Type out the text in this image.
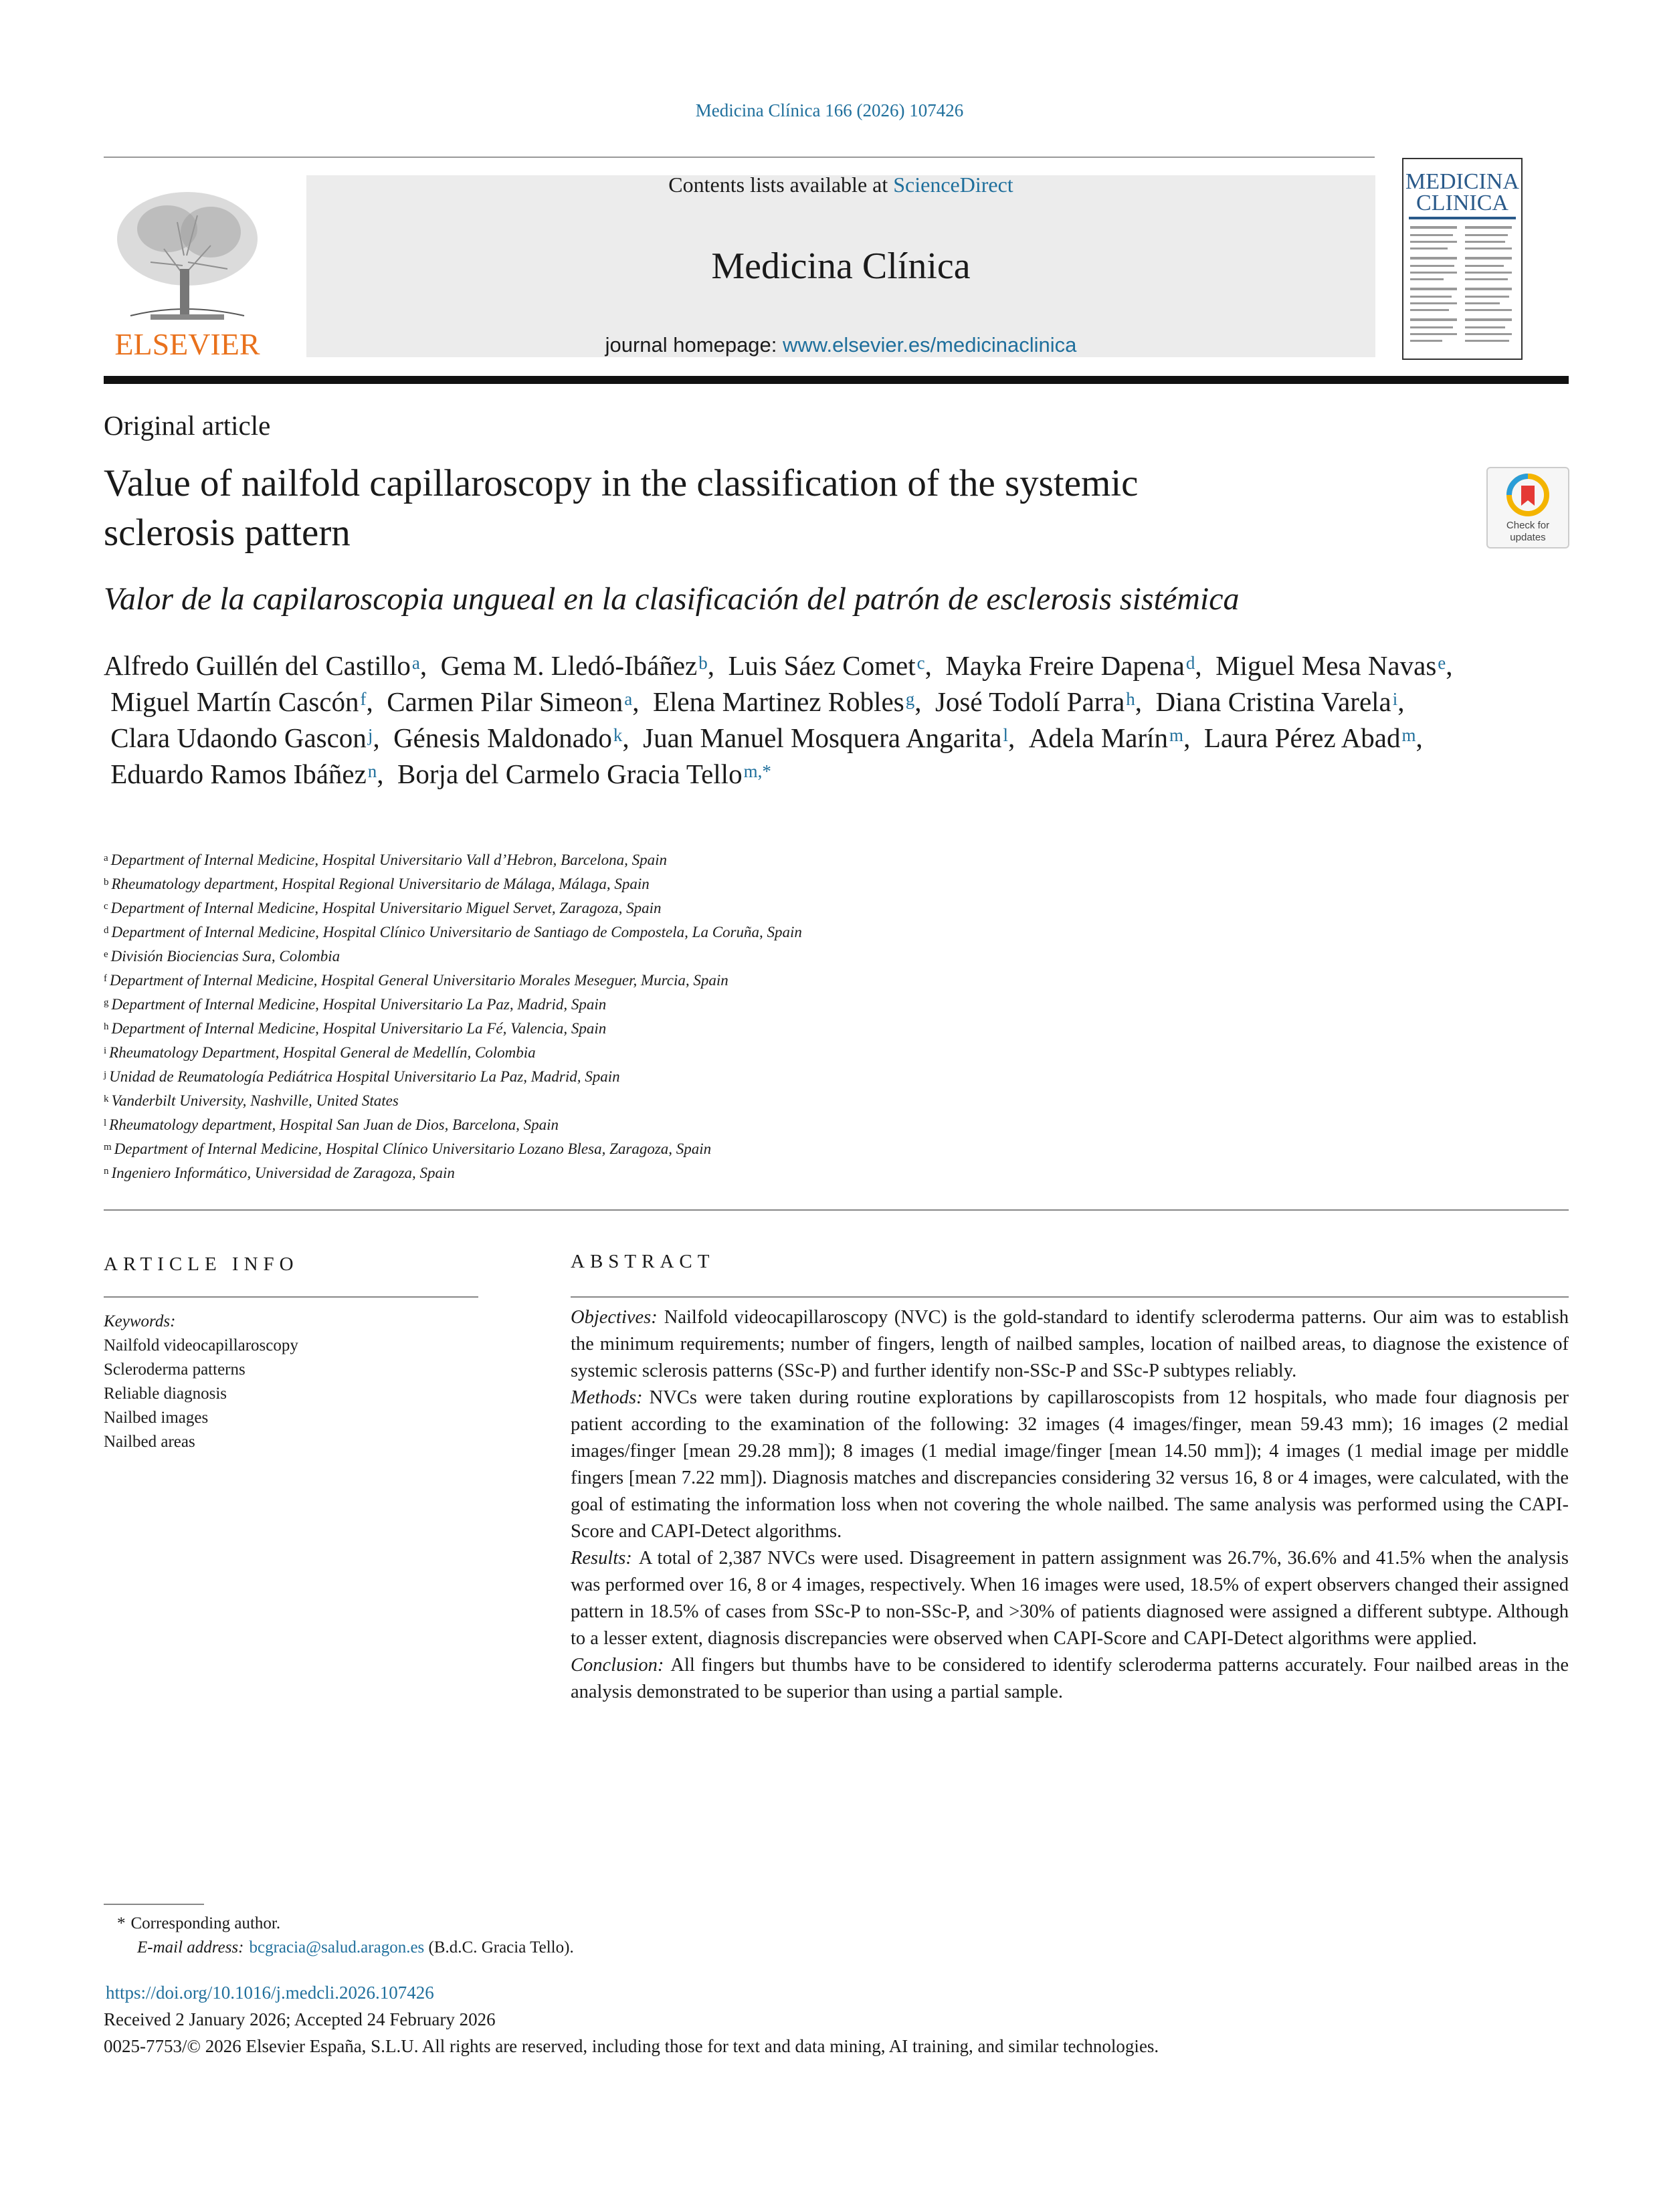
Medicina Clínica 166 (2026) 107426
ELSEVIER
Contents lists available at ScienceDirect
Medicina Clínica
journal homepage: www.elsevier.es/medicinaclinica
MEDICINA
CLINICA
Original article
Value of nailfold capillaroscopy in the classification of the systemic
sclerosis pattern	Check for
updates
Valor de la capilaroscopia ungueal en la clasificación del patrón de esclerosis sistémica
Alfredo Guillén del Castillo$^a$,  Gema M. Lledó-Ibáñez$^b$,  Luis Sáez Comet$^c$,  Mayka Freire Dapena$^d$,  Miguel Mesa Navas$^e$,  Miguel Martín Cascón$^f$,  Carmen Pilar Simeon$^a$,  Elena Martinez Robles$^g$,  José Todolí Parra$^h$,  Diana Cristina Varela$^i$,  Clara Udaondo Gascon$^j$,  Génesis Maldonado$^k$,  Juan Manuel Mosquera Angarita$^l$,  Adela Marín$^m$,  Laura Pérez Abad$^m$,  Eduardo Ramos Ibáñez$^n$,  Borja del Carmelo Gracia Tello$^{m,*}$
$^a$ Department of Internal Medicine, Hospital Universitario Vall d’Hebron, Barcelona, Spain
$^b$ Rheumatology department, Hospital Regional Universitario de Málaga, Málaga, Spain
$^c$ Department of Internal Medicine, Hospital Universitario Miguel Servet, Zaragoza, Spain
$^d$ Department of Internal Medicine, Hospital Clínico Universitario de Santiago de Compostela, La Coruña, Spain
$^e$ División Biociencias Sura, Colombia
$^f$ Department of Internal Medicine, Hospital General Universitario Morales Meseguer, Murcia, Spain
$^g$ Department of Internal Medicine, Hospital Universitario La Paz, Madrid, Spain
$^h$ Department of Internal Medicine, Hospital Universitario La Fé, Valencia, Spain
$^i$ Rheumatology Department, Hospital General de Medellín, Colombia
$^j$ Unidad de Reumatología Pediátrica Hospital Universitario La Paz, Madrid, Spain
$^k$ Vanderbilt University, Nashville, United States
$^l$ Rheumatology department, Hospital San Juan de Dios, Barcelona, Spain
$^m$ Department of Internal Medicine, Hospital Clínico Universitario Lozano Blesa, Zaragoza, Spain
$^n$ Ingeniero Informático, Universidad de Zaragoza, Spain
ARTICLE INFO
Keywords:
Nailfold videocapillaroscopy
Scleroderma patterns
Reliable diagnosis
Nailbed images
Nailbed areas
ABSTRACT

Objectives: Nailfold videocapillaroscopy (NVC) is the gold-standard to identify scleroderma patterns. Our aim was to establish the minimum requirements; number of fingers, length of nailbed samples, location of nailbed areas, to diagnose the existence of systemic sclerosis patterns (SSc-P) and further identify non-SSc-P and SSc-P subtypes reliably.

Methods: NVCs were taken during routine explorations by capillaroscopists from 12 hospitals, who made four diagnosis per patient according to the examination of the following: 32 images (4 images/finger, mean 59.43 mm); 16 images (2 medial images/finger [mean 29.28 mm]); 8 images (1 medial image/finger [mean 14.50 mm]); 4 images (1 medial image per middle fingers [mean 7.22 mm]). Diagnosis matches and discrepancies considering 32 versus 16, 8 or 4 images, were calculated, with the goal of estimating the information loss when not covering the whole nailbed. The same analysis was performed using the CAPI-Score and CAPI-Detect algorithms.

Results: A total of 2,387 NVCs were used. Disagreement in pattern assignment was 26.7%, 36.6% and 41.5% when the analysis was performed over 16, 8 or 4 images, respectively. When 16 images were used, 18.5% of expert observers changed their assigned pattern in 18.5% of cases from SSc-P to non-SSc-P, and >30% of patients diagnosed were assigned a different subtype. Although to a lesser extent, diagnosis discrepancies were observed when CAPI-Score and CAPI-Detect algorithms were applied.

Conclusion: All fingers but thumbs have to be considered to identify scleroderma patterns accurately. Four nailbed areas in the analysis demonstrated to be superior than using a partial sample.

* Corresponding author.
E-mail address: bcgracia@salud.aragon.es (B.d.C. Gracia Tello).
https://doi.org/10.1016/j.medcli.2026.107426
Received 2 January 2026; Accepted 24 February 2026
0025-7753/© 2026 Elsevier España, S.L.U. All rights are reserved, including those for text and data mining, AI training, and similar technologies.
